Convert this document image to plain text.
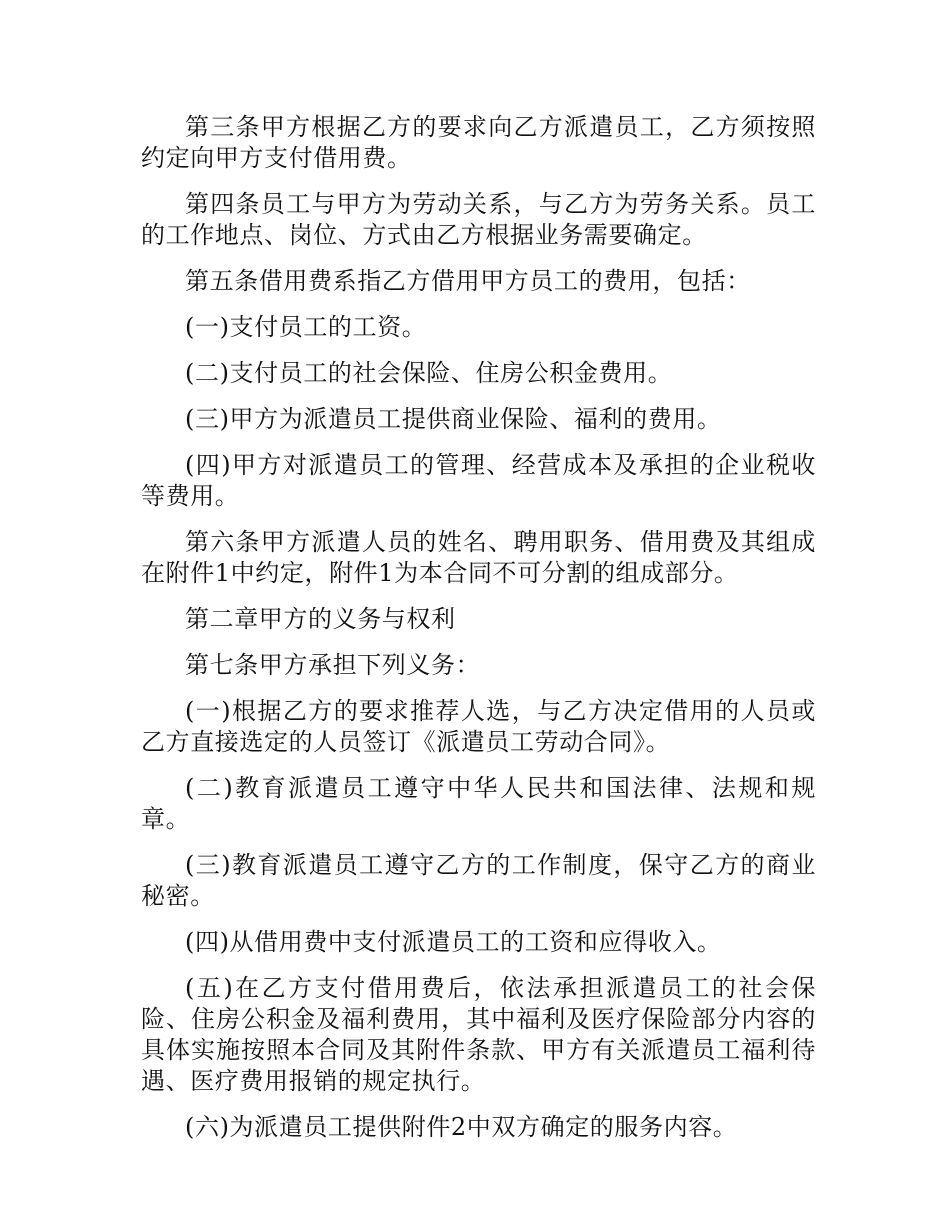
第三条甲方根据乙方的要求向乙方派遣员工，乙方须按照约定向甲方支付借用费。

第四条员工与甲方为劳动关系，与乙方为劳务关系。员工的工作地点、岗位、方式由乙方根据业务需要确定。

第五条借用费系指乙方借用甲方员工的费用，包括：

(一)支付员工的工资。

(二)支付员工的社会保险、住房公积金费用。

(三)甲方为派遣员工提供商业保险、福利的费用。

(四)甲方对派遣员工的管理、经营成本及承担的企业税收等费用。

第六条甲方派遣人员的姓名、聘用职务、借用费及其组成在附件1中约定，附件1为本合同不可分割的组成部分。

第二章甲方的义务与权利

第七条甲方承担下列义务：

(一)根据乙方的要求推荐人选，与乙方决定借用的人员或乙方直接选定的人员签订《派遣员工劳动合同》。

(二)教育派遣员工遵守中华人民共和国法律、法规和规章。

(三)教育派遣员工遵守乙方的工作制度，保守乙方的商业秘密。

(四)从借用费中支付派遣员工的工资和应得收入。

(五)在乙方支付借用费后，依法承担派遣员工的社会保险、住房公积金及福利费用，其中福利及医疗保险部分内容的具体实施按照本合同及其附件条款、甲方有关派遣员工福利待遇、医疗费用报销的规定执行。

(六)为派遣员工提供附件2中双方确定的服务内容。
